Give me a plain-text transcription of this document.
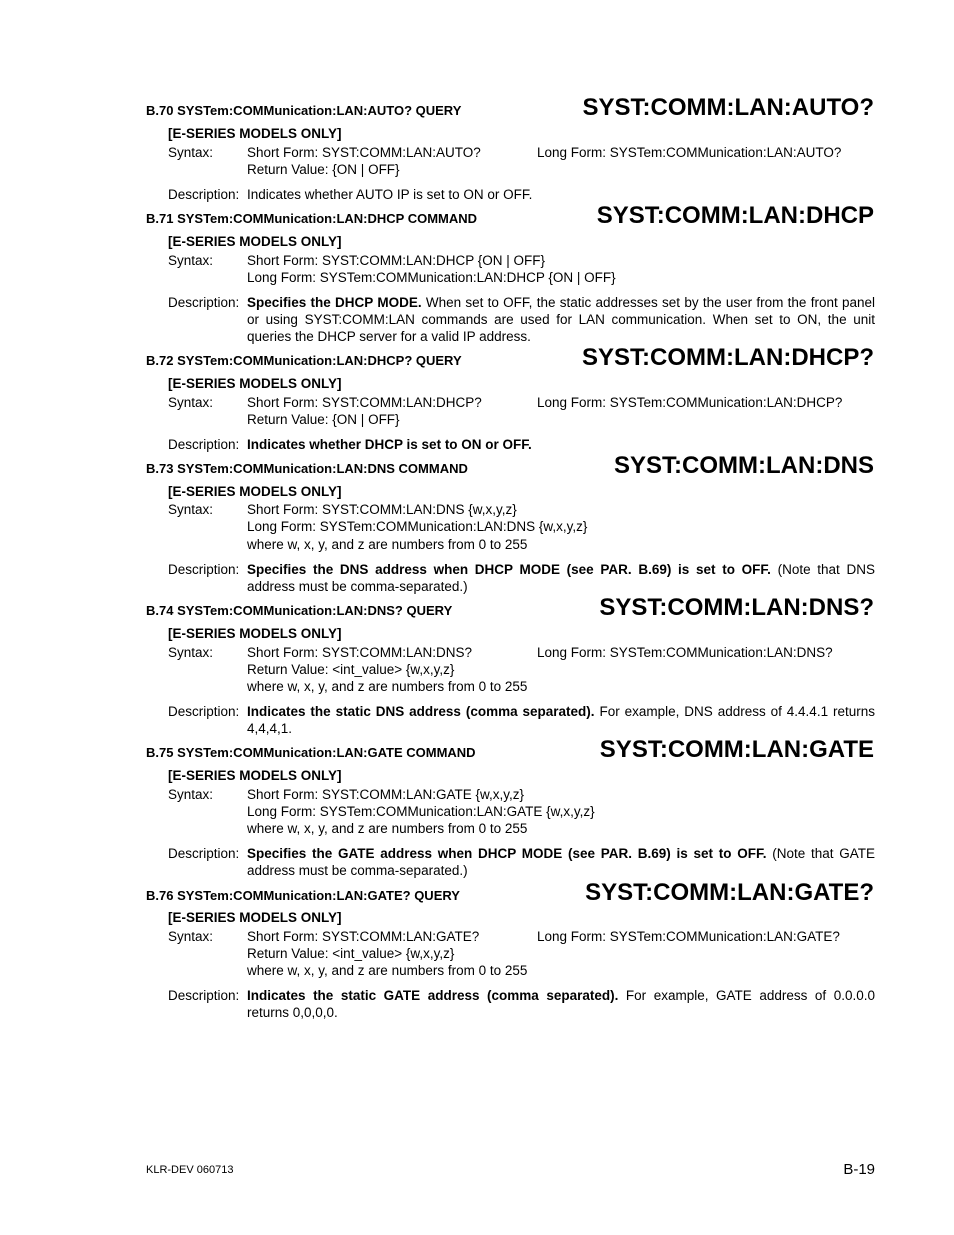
B.70 SYSTem:COMMunication:LAN:AUTO? QUERY	SYST:COMM:LAN:AUTO?
[E-SERIES MODELS ONLY]
Syntax:	Short Form: SYST:COMM:LAN:AUTO?	Long Form: SYSTem:COMMunication:LAN:AUTO?
Return Value: {ON | OFF}
Description: Indicates whether AUTO IP is set to ON or OFF.
B.71 SYSTem:COMMunication:LAN:DHCP COMMAND	SYST:COMM:LAN:DHCP
[E-SERIES MODELS ONLY]
Syntax:	Short Form: SYST:COMM:LAN:DHCP {ON | OFF}
Long Form: SYSTem:COMMunication:LAN:DHCP {ON | OFF}
Description: Specifies the DHCP MODE. When set to OFF, the static addresses set by the user from the front panel or using SYST:COMM:LAN commands are used for LAN communication. When set to ON, the unit queries the DHCP server for a valid IP address.
B.72 SYSTem:COMMunication:LAN:DHCP? QUERY	SYST:COMM:LAN:DHCP?
[E-SERIES MODELS ONLY]
Syntax:	Short Form: SYST:COMM:LAN:DHCP?	Long Form: SYSTem:COMMunication:LAN:DHCP?
Return Value: {ON | OFF}
Description: Indicates whether DHCP is set to ON or OFF.
B.73 SYSTem:COMMunication:LAN:DNS COMMAND	SYST:COMM:LAN:DNS
[E-SERIES MODELS ONLY]
Syntax:	Short Form: SYST:COMM:LAN:DNS {w,x,y,z}
Long Form: SYSTem:COMMunication:LAN:DNS {w,x,y,z}
where w, x, y, and z are numbers from 0 to 255
Description: Specifies the DNS address when DHCP MODE (see PAR. B.69) is set to OFF. (Note that DNS address must be comma-separated.)
B.74 SYSTem:COMMunication:LAN:DNS? QUERY	SYST:COMM:LAN:DNS?
[E-SERIES MODELS ONLY]
Syntax:	Short Form: SYST:COMM:LAN:DNS?	Long Form: SYSTem:COMMunication:LAN:DNS?
Return Value: <int_value> {w,x,y,z}
where w, x, y, and z are numbers from 0 to 255
Description: Indicates the static DNS address (comma separated). For example, DNS address of 4.4.4.1 returns 4,4,4,1.
B.75 SYSTem:COMMunication:LAN:GATE COMMAND	SYST:COMM:LAN:GATE
[E-SERIES MODELS ONLY]
Syntax:	Short Form: SYST:COMM:LAN:GATE {w,x,y,z}
Long Form: SYSTem:COMMunication:LAN:GATE {w,x,y,z}
where w, x, y, and z are numbers from 0 to 255
Description: Specifies the GATE address when DHCP MODE (see PAR. B.69) is set to OFF. (Note that GATE address must be comma-separated.)
B.76 SYSTem:COMMunication:LAN:GATE? QUERY	SYST:COMM:LAN:GATE?
[E-SERIES MODELS ONLY]
Syntax:	Short Form: SYST:COMM:LAN:GATE?	Long Form: SYSTem:COMMunication:LAN:GATE?
Return Value: <int_value> {w,x,y,z}
where w, x, y, and z are numbers from 0 to 255
Description: Indicates the static GATE address (comma separated). For example, GATE address of 0.0.0.0 returns 0,0,0,0.
KLR-DEV 060713	B-19
